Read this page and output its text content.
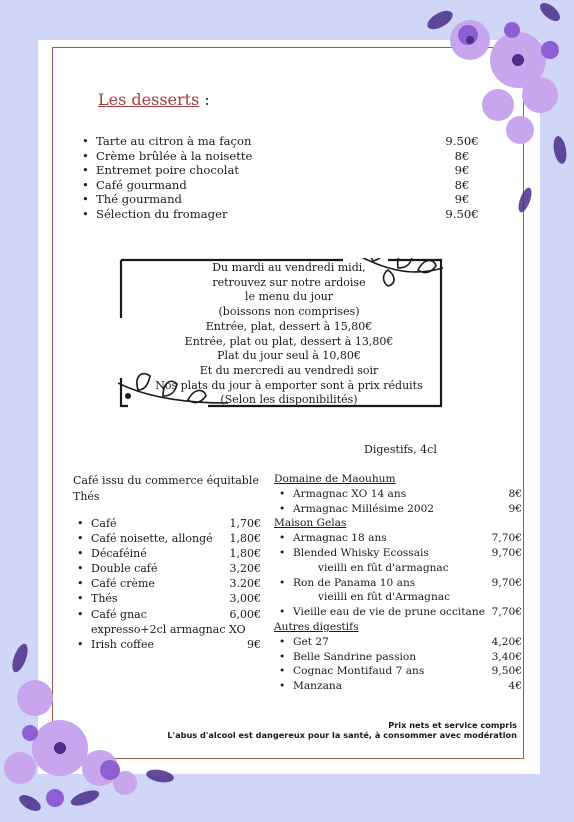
Les desserts :
• Tarte au citron à ma façon	9.50€
• Crème brûlée à la noisette	8€
• Entremet poire chocolat	9€
• Café gourmand	8€
• Thé gourmand	9€
• Sélection du fromager	9.50€
Du mardi au vendredi midi,
retrouvez sur notre ardoise
le menu du jour
(boissons non comprises)
Entrée, plat, dessert à 15,80€
Entrée, plat ou plat, dessert à 13,80€
Plat du jour seul à 10,80€
Et du mercredi au vendredi soir
Nos plats du jour à emporter sont à prix réduits
(Selon les disponibilités)
Digestifs, 4cl
Café issu du commerce équitable
Thés
• Café	1,70€
• Café noisette, allongé 1,80€
• Décaféiné	1,80€
• Double café	3,20€
• Café crème	3.20€
• Thés	3,00€
• Café gnac	6,00€
expresso+2cl armagnac XO
• Irish coffee	9€
Domaine de Maouhum
• Armagnac XO 14 ans	8€
• Armagnac Millésime 2002	9€
Maison Gelas
• Armagnac 18 ans	7,70€
• Blended Whisky Ecossais	9,70€
vieilli en fût d'armagnac
• Ron de Panama 10 ans	9,70€
vieilli en fût d'Armagnac
• Vieille eau de vie de prune occitane 7,70€
Autres digestifs
• Get 27	4,20€
• Belle Sandrine passion	3,40€
• Cognac Montifaud 7 ans	9,50€
• Manzana	4€
Prix nets et service compris
L'abus d'alcool est dangereux pour la santé, à consommer avec modération
